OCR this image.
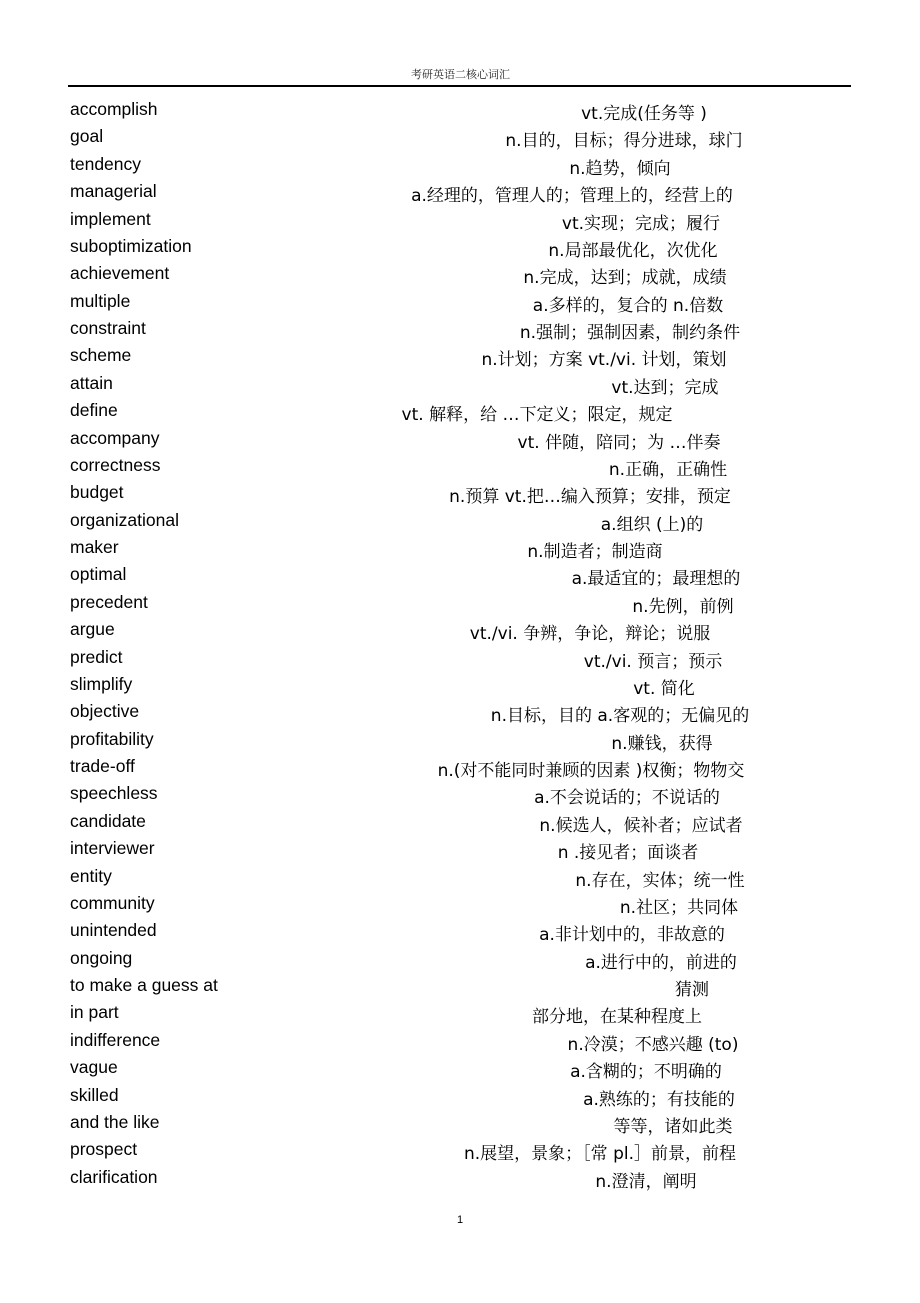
考研英语二核心词汇
accomplish	vt.完成(任务等 )
goal	n.目的，目标；得分进球，球门
tendency	n.趋势，倾向
managerial	a.经理的，管理人的；管理上的，经营上的
implement	vt.实现；完成；履行
suboptimization	n.局部最优化，次优化
achievement	n.完成，达到；成就，成绩
multiple	a.多样的，复合的 n.倍数
constraint	n.强制；强制因素，制约条件
scheme	n.计划；方案 vt./vi. 计划，策划
attain	vt.达到；完成
define	vt. 解释，给 …下定义；限定，规定
accompany	vt. 伴随，陪同；为 …伴奏
correctness	n.正确，正确性
budget	n.预算 vt.把…编入预算；安排，预定
organizational	a.组织 (上)的
maker	n.制造者；制造商
optimal	a.最适宜的；最理想的
precedent	n.先例，前例
argue	vt./vi. 争辨，争论，辩论；说服
predict	vt./vi. 预言；预示
slimplify	vt. 简化
objective	n.目标，目的 a.客观的；无偏见的
profitability	n.赚钱，获得
trade-off	n.(对不能同时兼顾的因素 )权衡；物物交
speechless	a.不会说话的；不说话的
candidate	n.候选人，候补者；应试者
interviewer	n .接见者；面谈者
entity	n.存在，实体；统一性
community	n.社区；共同体
unintended	a.非计划中的，非故意的
ongoing	a.进行中的，前进的
to make a guess at	猜测
in part	部分地，在某种程度上
indifference	n.冷漠；不感兴趣 (to)
vague	a.含糊的；不明确的
skilled	a.熟练的；有技能的
and the like	等等，诸如此类
prospect	n.展望，景象；［常 pl.］前景，前程
clarification	n.澄清，阐明
1
